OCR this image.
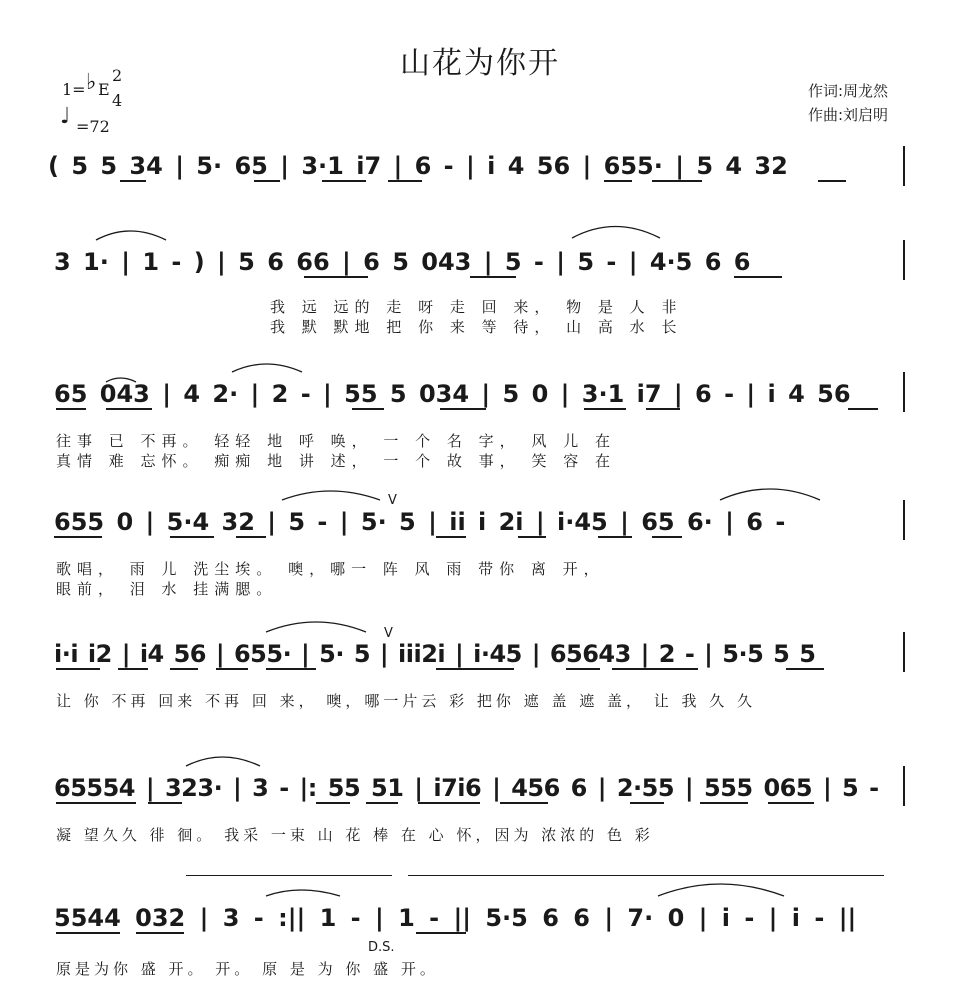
山花为你开
作词:周龙然
作曲:刘启明
1= ♭ E
2
4
♩ =72
( 5 5 34 | 5· 65 | 3·1 i7 | 6 - | i 4 56 | 655· | 5 4 32
3 1· | 1 - ) | 5 6 66 | 6 5 043 | 5 - | 5 - | 4·5 6 6
我 远 远的 走 呀 走 回 来， 物 是 人 非
我 默 默地 把 你 来 等 待， 山 高 水 长
65 043 | 4 2· | 2 - | 55 5 034 | 5 0 | 3·1 i7 | 6 - | i 4 56
往事 已 不再。 轻轻 地 呼 唤， 一 个 名 字， 风 儿 在
真情 难 忘怀。 痴痴 地 讲 述， 一 个 故 事， 笑 容 在
655 0 | 5·4 32 | 5 - | 5· 5 | ii i 2i | i·45 | 65 6· | 6 -
歌唱， 雨 儿 洗尘埃。 噢，哪一 阵 风 雨 带你 离 开，
眼前， 泪 水 挂满腮。
i·i i2 | i4 56 | 655· | 5· 5 | iii2i | i·45 | 65643 | 2 - | 5·5 5 5
让 你 不再 回来 不再 回 来， 噢，哪一片云 彩 把你 遮 盖 遮 盖， 让 我 久 久
65554 | 323· | 3 - |: 55 51 | i7i6 | 456 6 | 2·55 | 555 065 | 5 -
凝 望久久 徘 徊。 我采 一束 山 花 棒 在 心 怀，因为 浓浓的 色 彩
5544 032 | 3 - :|| 1 - | 1 - || 5·5 6 6 | 7· 0 | i - | i - ||
D.S.
原是为你 盛 开。 开。 原 是 为 你 盛 开。
V
V
